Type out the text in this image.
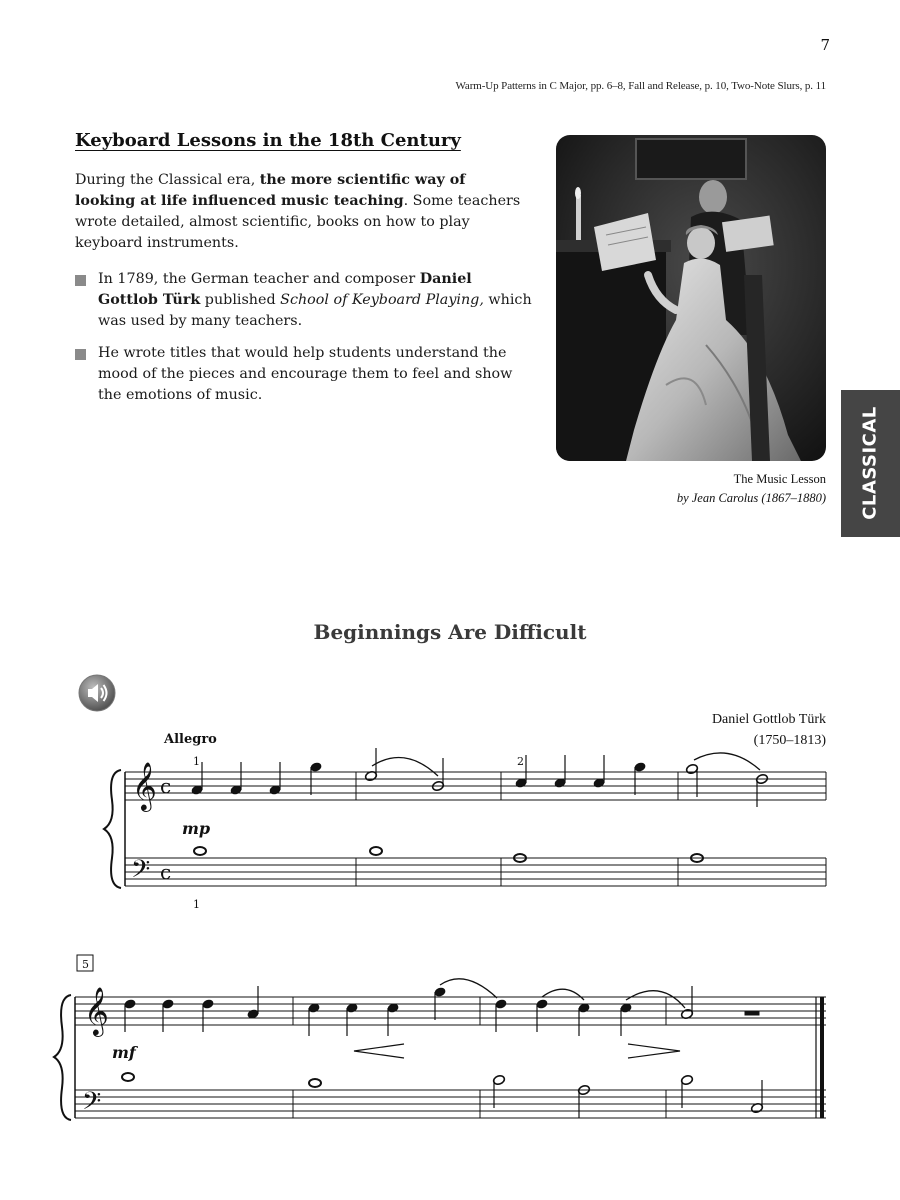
7
Warm-Up Patterns in C Major, pp. 6–8, Fall and Release, p. 10, Two-Note Slurs, p. 11
Keyboard Lessons in the 18th Century

During the Classical era, the more scientific way of looking at life influenced music teaching. Some teachers wrote detailed, almost scientific, books on how to play keyboard instruments.

In 1789, the German teacher and composer Daniel Gottlob Türk published School of Keyboard Playing, which was used by many teachers.
He wrote titles that would help students understand the mood of the pieces and encourage them to feel and show the emotions of music.
The Music Lesson
by Jean Carolus (1867–1880) CLASSICAL
Beginnings Are Difficult
Daniel Gottlob Türk
(1750–1813)
Allegro
𝄞
𝄢
c
c
1	2
1
mp
5
𝄞
𝄢
mf
